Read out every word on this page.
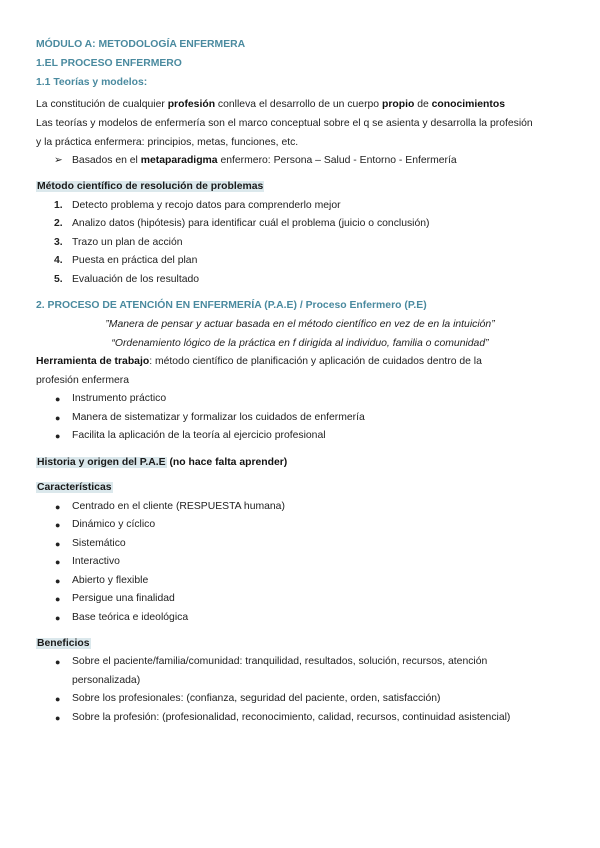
MÓDULO A: METODOLOGÍA ENFERMERA
1.EL PROCESO ENFERMERO
1.1 Teorías y modelos:
La constitución de cualquier profesión conlleva el desarrollo de un cuerpo propio de conocimientos
Las teorías y modelos de enfermería son el marco conceptual sobre el q se asienta y desarrolla la profesión
y la práctica enfermera: principios, metas, funciones, etc.
➢ Basados en el metaparadigma enfermero: Persona – Salud - Entorno - Enfermería
Método científico de resolución de problemas
1. Detecto problema y recojo datos para comprenderlo mejor
2. Analizo datos (hipótesis) para identificar cuál el problema (juicio o conclusión)
3. Trazo un plan de acción
4. Puesta en práctica del plan
5. Evaluación de los resultado
2. PROCESO DE ATENCIÓN EN ENFERMERÍA (P.A.E) / Proceso Enfermero (P.E)
”Manera de pensar y actuar basada en el método científico en vez de en la intuición”
“Ordenamiento lógico de la práctica en f dirigida al individuo, familia o comunidad”
Herramienta de trabajo: método científico de planificación y aplicación de cuidados dentro de la
profesión enfermera
● Instrumento práctico
● Manera de sistematizar y formalizar los cuidados de enfermería
● Facilita la aplicación de la teoría al ejercicio profesional
Historia y origen del P.A.E (no hace falta aprender)
Características
● Centrado en el cliente (RESPUESTA humana)
● Dinámico y cíclico
● Sistemático
● Interactivo
● Abierto y flexible
● Persigue una finalidad
● Base teórica e ideológica
Beneficios
● Sobre el paciente/familia/comunidad: tranquilidad, resultados, solución, recursos, atención
personalizada)
● Sobre los profesionales: (confianza, seguridad del paciente, orden, satisfacción)
● Sobre la profesión: (profesionalidad, reconocimiento, calidad, recursos, continuidad asistencial)
